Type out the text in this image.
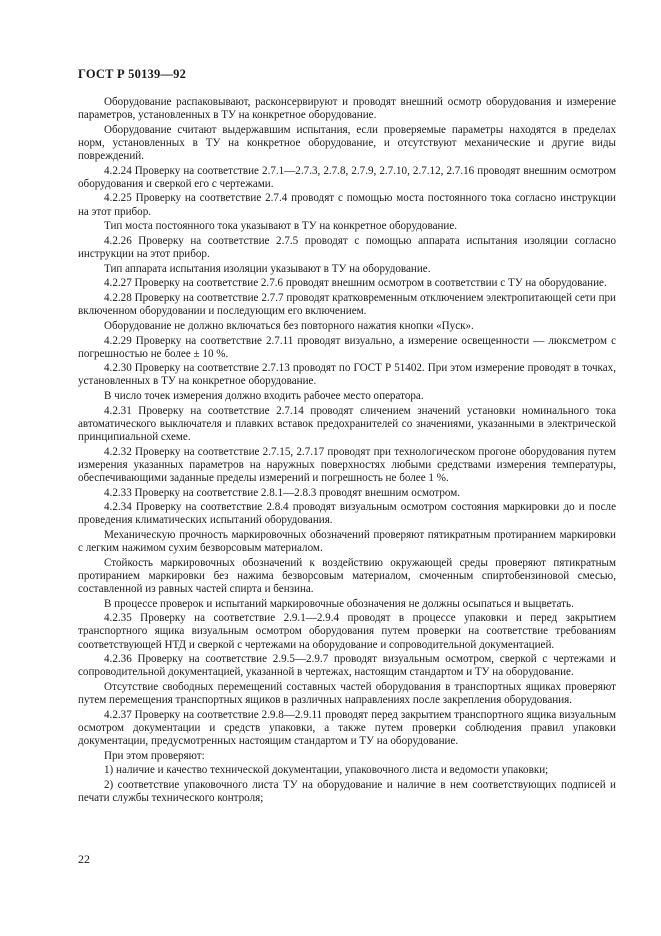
ГОСТ Р 50139—92

Оборудование распаковывают, расконсервируют и проводят внешний осмотр оборудования и измерение параметров, установленных в ТУ на конкретное оборудование.

Оборудование считают выдержавшим испытания, если проверяемые параметры находятся в пределах норм, установленных в ТУ на конкретное оборудование, и отсутствуют механические и другие виды повреждений.

4.2.24 Проверку на соответствие 2.7.1—2.7.3, 2.7.8, 2.7.9, 2.7.10, 2.7.12, 2.7.16 проводят внешним осмотром оборудования и сверкой его с чертежами.

4.2.25 Проверку на соответствие 2.7.4 проводят с помощью моста постоянного тока согласно инструкции на этот прибор.

Тип моста постоянного тока указывают в ТУ на конкретное оборудование.

4.2.26 Проверку на соответствие 2.7.5 проводят с помощью аппарата испытания изоляции согласно инструкции на этот прибор.

Тип аппарата испытания изоляции указывают в ТУ на оборудование.

4.2.27 Проверку на соответствие 2.7.6 проводят внешним осмотром в соответствии с ТУ на оборудование.

4.2.28 Проверку на соответствие 2.7.7 проводят кратковременным отключением электропитающей сети при включенном оборудовании и последующим его включением.

Оборудование не должно включаться без повторного нажатия кнопки «Пуск».

4.2.29 Проверку на соответствие 2.7.11 проводят визуально, а измерение освещенности — люксметром с погрешностью не более ± 10 %.

4.2.30 Проверку на соответствие 2.7.13 проводят по ГОСТ Р 51402. При этом измерение проводят в точках, установленных в ТУ на конкретное оборудование.

В число точек измерения должно входить рабочее место оператора.

4.2.31 Проверку на соответствие 2.7.14 проводят сличением значений установки номинального тока автоматического выключателя и плавких вставок предохранителей со значениями, указанными в электрической принципиальной схеме.

4.2.32 Проверку на соответствие 2.7.15, 2.7.17 проводят при технологическом прогоне оборудования путем измерения указанных параметров на наружных поверхностях любыми средствами измерения температуры, обеспечивающими заданные пределы измерений и погрешность не более 1 %.

4.2.33 Проверку на соответствие 2.8.1—2.8.3 проводят внешним осмотром.

4.2.34 Проверку на соответствие 2.8.4 проводят визуальным осмотром состояния маркировки до и после проведения климатических испытаний оборудования.

Механическую прочность маркировочных обозначений проверяют пятикратным протиранием маркировки с легким нажимом сухим безворсовым материалом.

Стойкость маркировочных обозначений к воздействию окружающей среды проверяют пятикратным протиранием маркировки без нажима безворсовым материалом, смоченным спиртобензиновой смесью, составленной из равных частей спирта и бензина.

В процессе проверок и испытаний маркировочные обозначения не должны осыпаться и выцветать.

4.2.35 Проверку на соответствие 2.9.1—2.9.4 проводят в процессе упаковки и перед закрытием транспортного ящика визуальным осмотром оборудования путем проверки на соответствие требованиям соответствующей НТД и сверкой с чертежами на оборудование и сопроводительной документацией.

4.2.36 Проверку на соответствие 2.9.5—2.9.7 проводят визуальным осмотром, сверкой с чертежами и сопроводительной документацией, указанной в чертежах, настоящим стандартом и ТУ на оборудование.

Отсутствие свободных перемещений составных частей оборудования в транспортных ящиках проверяют путем перемещения транспортных ящиков в различных направлениях после закрепления оборудования.

4.2.37 Проверку на соответствие 2.9.8—2.9.11 проводят перед закрытием транспортного ящика визуальным осмотром документации и средств упаковки, а также путем проверки соблюдения правил упаковки документации, предусмотренных настоящим стандартом и ТУ на оборудование.

При этом проверяют:

1) наличие и качество технической документации, упаковочного листа и ведомости упаковки;

2) соответствие упаковочного листа ТУ на оборудование и наличие в нем соответствующих подписей и печати службы технического контроля;

22
